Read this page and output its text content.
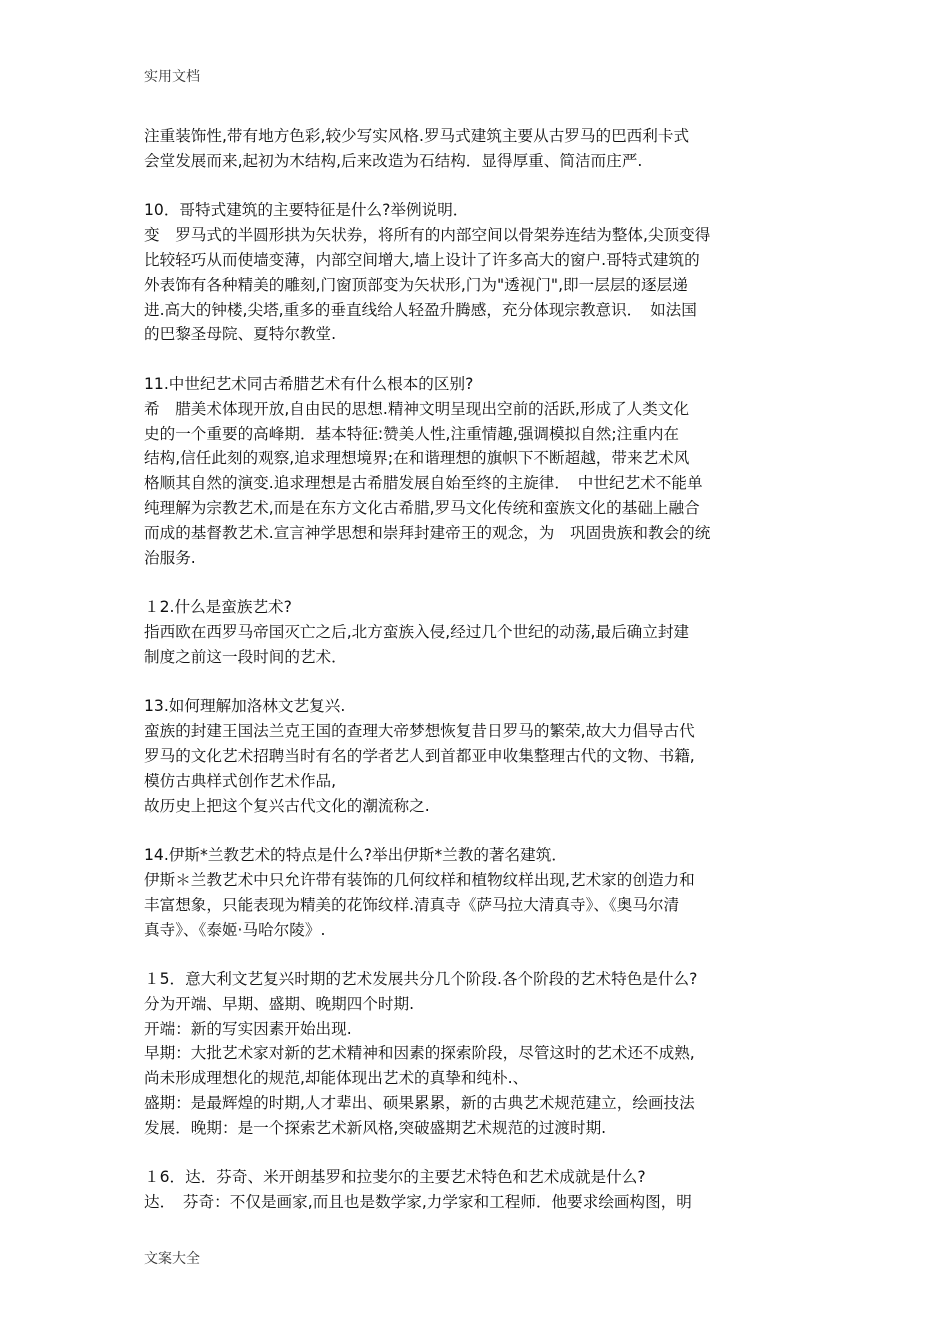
实用文档

注重装饰性,带有地方色彩,较少写实风格.罗马式建筑主要从古罗马的巴西利卡式

会堂发展而来,起初为木结构,后来改造为石结构．显得厚重、简洁而庄严.

10．哥特式建筑的主要特征是什么?举例说明．

变　罗马式的半圆形拱为矢状券，将所有的内部空间以骨架券连结为整体,尖顶变得

比较轻巧从而使墙变薄，内部空间增大,墙上设计了许多高大的窗户.哥特式建筑的

外表饰有各种精美的雕刻,门窗顶部变为矢状形,门为"透视门",即一层层的逐层递

进.高大的钟楼,尖塔,重多的垂直线给人轻盈升腾感，充分体现宗教意识．　如法国

的巴黎圣母院、夏特尔教堂.

11.中世纪艺术同古希腊艺术有什么根本的区别?

希　腊美术体现开放,自由民的思想.精神文明呈现出空前的活跃,形成了人类文化

史的一个重要的高峰期．基本特征:赞美人性,注重情趣,强调模拟自然;注重内在

结构,信任此刻的观察,追求理想境界;在和谐理想的旗帜下不断超越，带来艺术风

格顺其自然的演变.追求理想是古希腊发展自始至终的主旋律．　中世纪艺术不能单

纯理解为宗教艺术,而是在东方文化古希腊,罗马文化传统和蛮族文化的基础上融合

而成的基督教艺术.宣言神学思想和崇拜封建帝王的观念，为　巩固贵族和教会的统

治服务.

１2.什么是蛮族艺术?

指西欧在西罗马帝国灭亡之后,北方蛮族入侵,经过几个世纪的动荡,最后确立封建

制度之前这一段时间的艺术．

13.如何理解加洛林文艺复兴.

蛮族的封建王国法兰克王国的查理大帝梦想恢复昔日罗马的繁荣,故大力倡导古代

罗马的文化艺术招聘当时有名的学者艺人到首都亚申收集整理古代的文物、书籍,

模仿古典样式创作艺术作品,

故历史上把这个复兴古代文化的潮流称之.

14.伊斯*兰教艺术的特点是什么?举出伊斯*兰教的著名建筑．

伊斯＊兰教艺术中只允许带有装饰的几何纹样和植物纹样出现,艺术家的创造力和

丰富想象，只能表现为精美的花饰纹样.清真寺《萨马拉大清真寺》、《奥马尔清

真寺》、《泰姬·马哈尔陵》.

１5．意大利文艺复兴时期的艺术发展共分几个阶段.各个阶段的艺术特色是什么?

分为开端、早期、盛期、晚期四个时期.

开端：新的写实因素开始出现.

早期：大批艺术家对新的艺术精神和因素的探索阶段，尽管这时的艺术还不成熟,

尚未形成理想化的规范,却能体现出艺术的真挚和纯朴.、

盛期：是最辉煌的时期,人才辈出、硕果累累，新的古典艺术规范建立，绘画技法

发展．晚期：是一个探索艺术新风格,突破盛期艺术规范的过渡时期.

１6．达．芬奇、米开朗基罗和拉斐尔的主要艺术特色和艺术成就是什么?

达．　芬奇：不仅是画家,而且也是数学家,力学家和工程师．他要求绘画构图，明

文案大全
